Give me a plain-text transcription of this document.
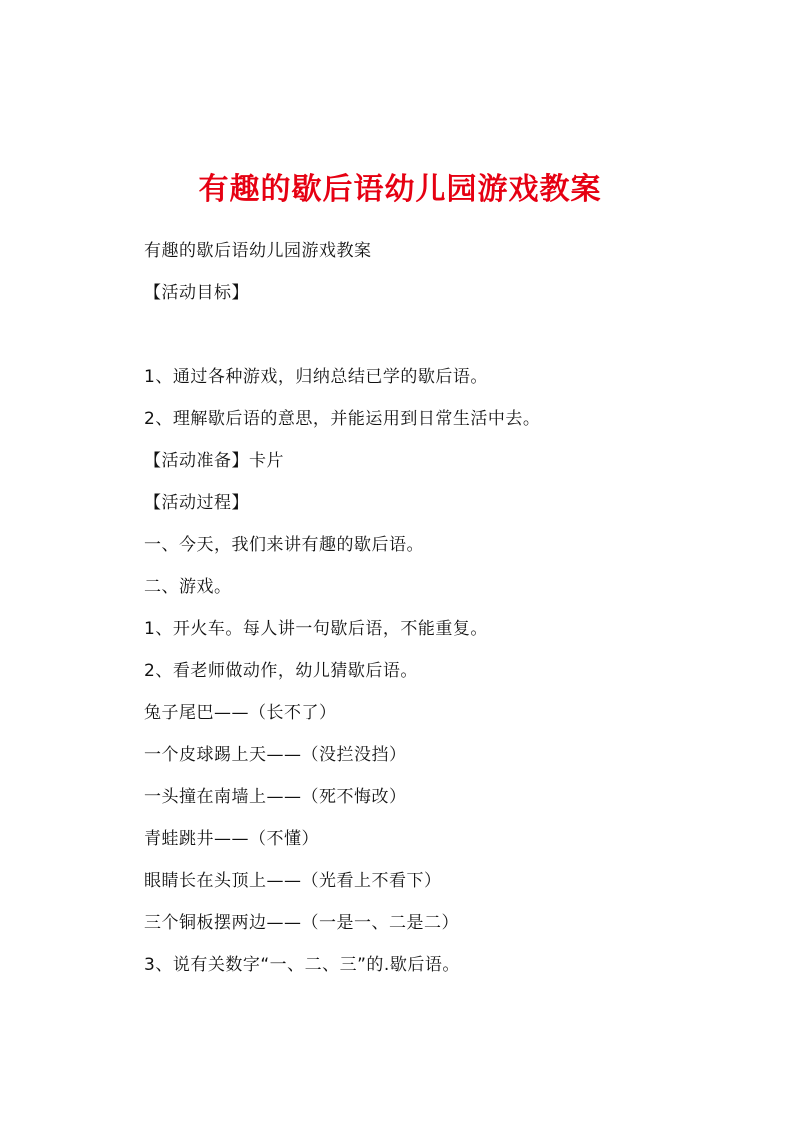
有趣的歇后语幼儿园游戏教案
有趣的歇后语幼儿园游戏教案
【活动目标】
1、通过各种游戏，归纳总结已学的歇后语。
2、理解歇后语的意思，并能运用到日常生活中去。
【活动准备】卡片
【活动过程】
一、今天，我们来讲有趣的歇后语。
二、游戏。
1、开火车。每人讲一句歇后语，不能重复。
2、看老师做动作，幼儿猜歇后语。
兔子尾巴——（长不了）
一个皮球踢上天——（没拦没挡）
一头撞在南墙上——（死不悔改）
青蛙跳井——（不懂）
眼睛长在头顶上——（光看上不看下）
三个铜板摆两边——（一是一、二是二）
3、说有关数字“一、二、三”的.歇后语。
